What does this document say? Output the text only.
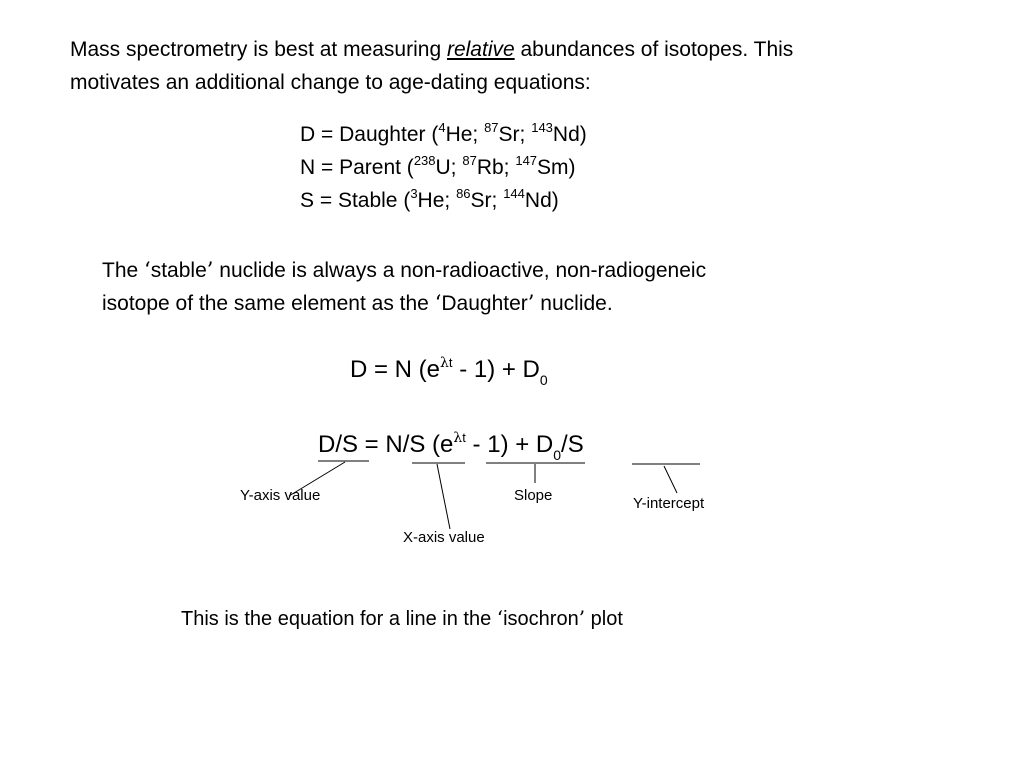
Mass spectrometry is best at measuring relative abundances of isotopes. This
motivates an additional change to age-dating equations:
D = Daughter ($^4$He; $^{87}$Sr; $^{143}$Nd)
N = Parent ($^{238}$U; $^{87}$Rb; $^{147}$Sm)
S = Stable ($^3$He; $^{86}$Sr; $^{144}$Nd)
The ‘stable’ nuclide is always a non-radioactive, non-radiogeneic
isotope of the same element as the ‘Daughter’ nuclide.
D = N $(e^{\lambda t} - 1) + D_0$
D/S = N/S $(e^{\lambda t} - 1) + D_0/S$
Y-axis value	Slope	Y-intercept
X-axis value
This is the equation for a line in the ‘isochron’ plot
